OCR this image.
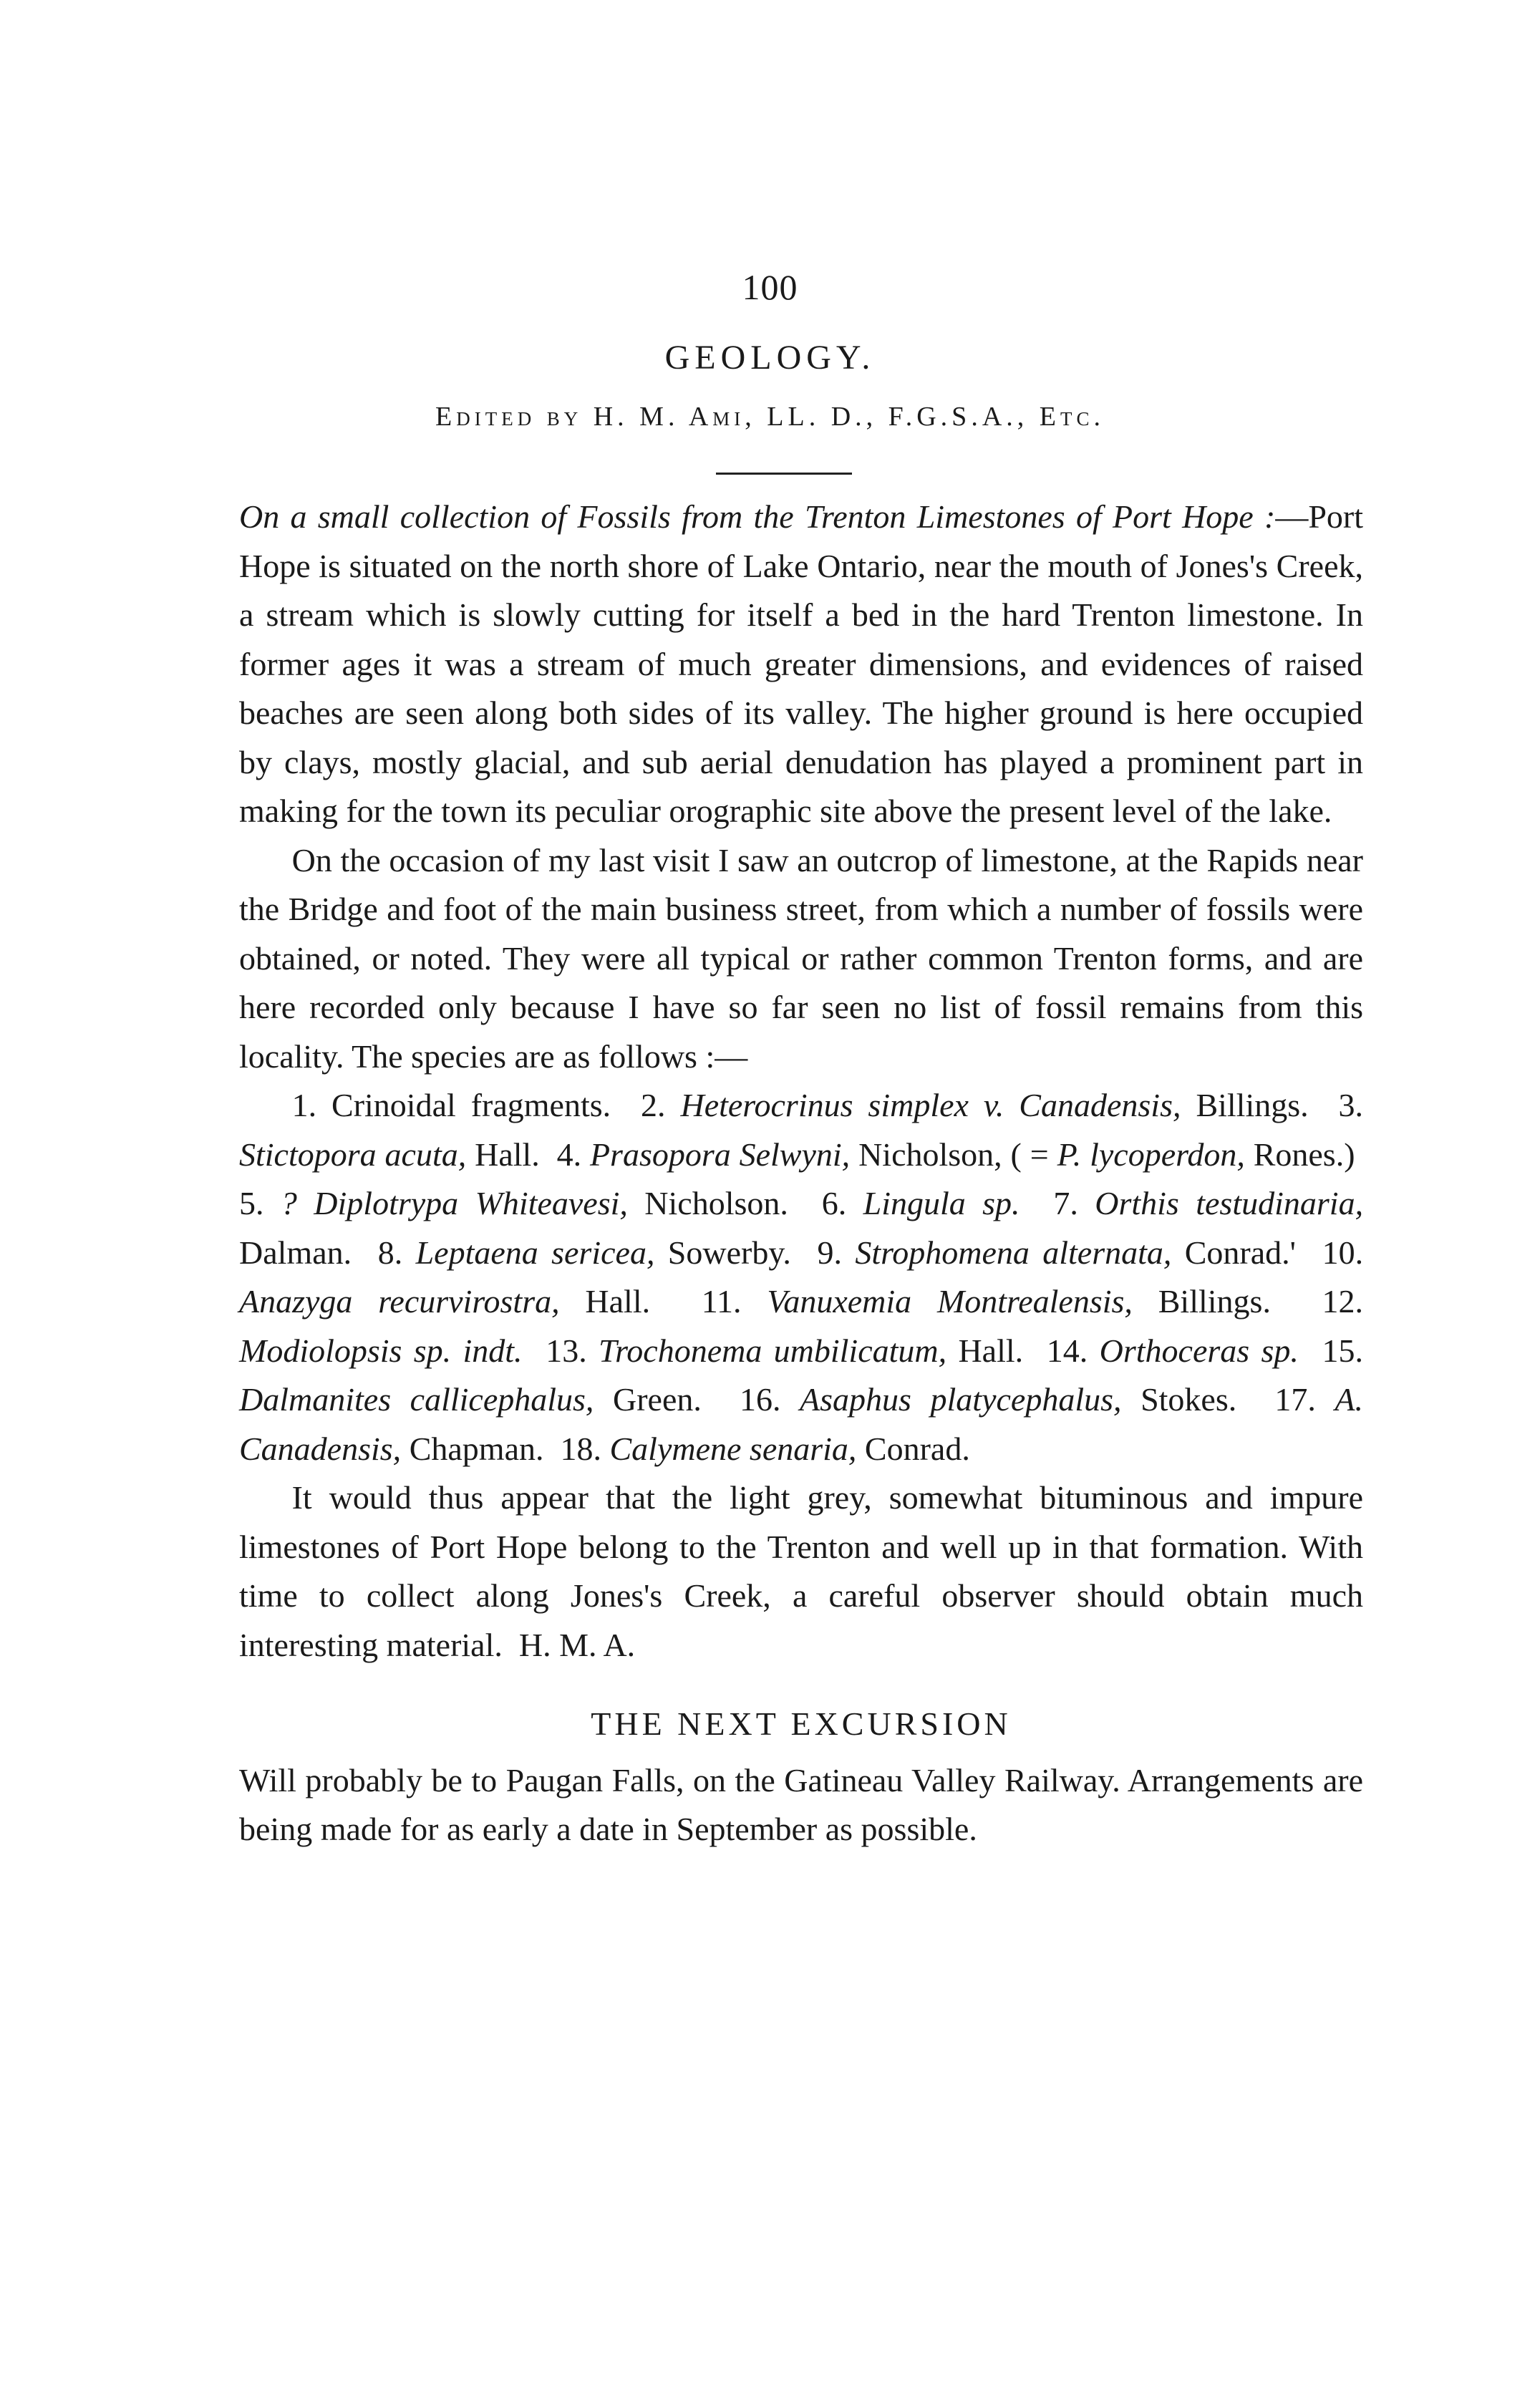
100
GEOLOGY.
Edited by H. M. Ami, LL. D., F.G.S.A., Etc.

On a small collection of Fossils from the Trenton Limestones of Port Hope :—Port Hope is situated on the north shore of Lake Ontario, near the mouth of Jones's Creek, a stream which is slowly cutting for itself a bed in the hard Trenton limestone. In former ages it was a stream of much greater dimensions, and evidences of raised beaches are seen along both sides of its valley. The higher ground is here occupied by clays, mostly glacial, and sub aerial denudation has played a prominent part in making for the town its peculiar orographic site above the present level of the lake.

On the occasion of my last visit I saw an outcrop of limestone, at the Rapids near the Bridge and foot of the main business street, from which a number of fossils were obtained, or noted. They were all typical or rather common Trenton forms, and are here recorded only because I have so far seen no list of fossil remains from this locality. The species are as follows :—

1. Crinoidal fragments. 2. Heterocrinus simplex v. Canadensis, Billings. 3. Stictopora acuta, Hall. 4. Prasopora Selwyni, Nicholson, ( = P. lycoperdon, Rones.)  5. ? Diplotrypa Whiteavesi, Nicholson. 6. Lingula sp. 7. Orthis testudinaria, Dalman. 8. Leptaena sericea, Sowerby. 9. Strophomena alternata, Conrad.' 10. Anazyga recurvirostra, Hall. 11. Vanuxemia Montrealensis, Billings. 12. Modiolopsis sp. indt. 13. Trochonema umbilicatum, Hall. 14. Orthoceras sp. 15. Dalmanites callicephalus, Green. 16. Asaphus platycephalus, Stokes. 17. A. Canadensis, Chapman. 18. Calymene senaria, Conrad.

It would thus appear that the light grey, somewhat bituminous and impure limestones of Port Hope belong to the Trenton and well up in that formation. With time to collect along Jones's Creek, a careful observer should obtain much interesting material. H. M. A.

THE NEXT EXCURSION

Will probably be to Paugan Falls, on the Gatineau Valley Railway. Arrangements are being made for as early a date in September as possible.
